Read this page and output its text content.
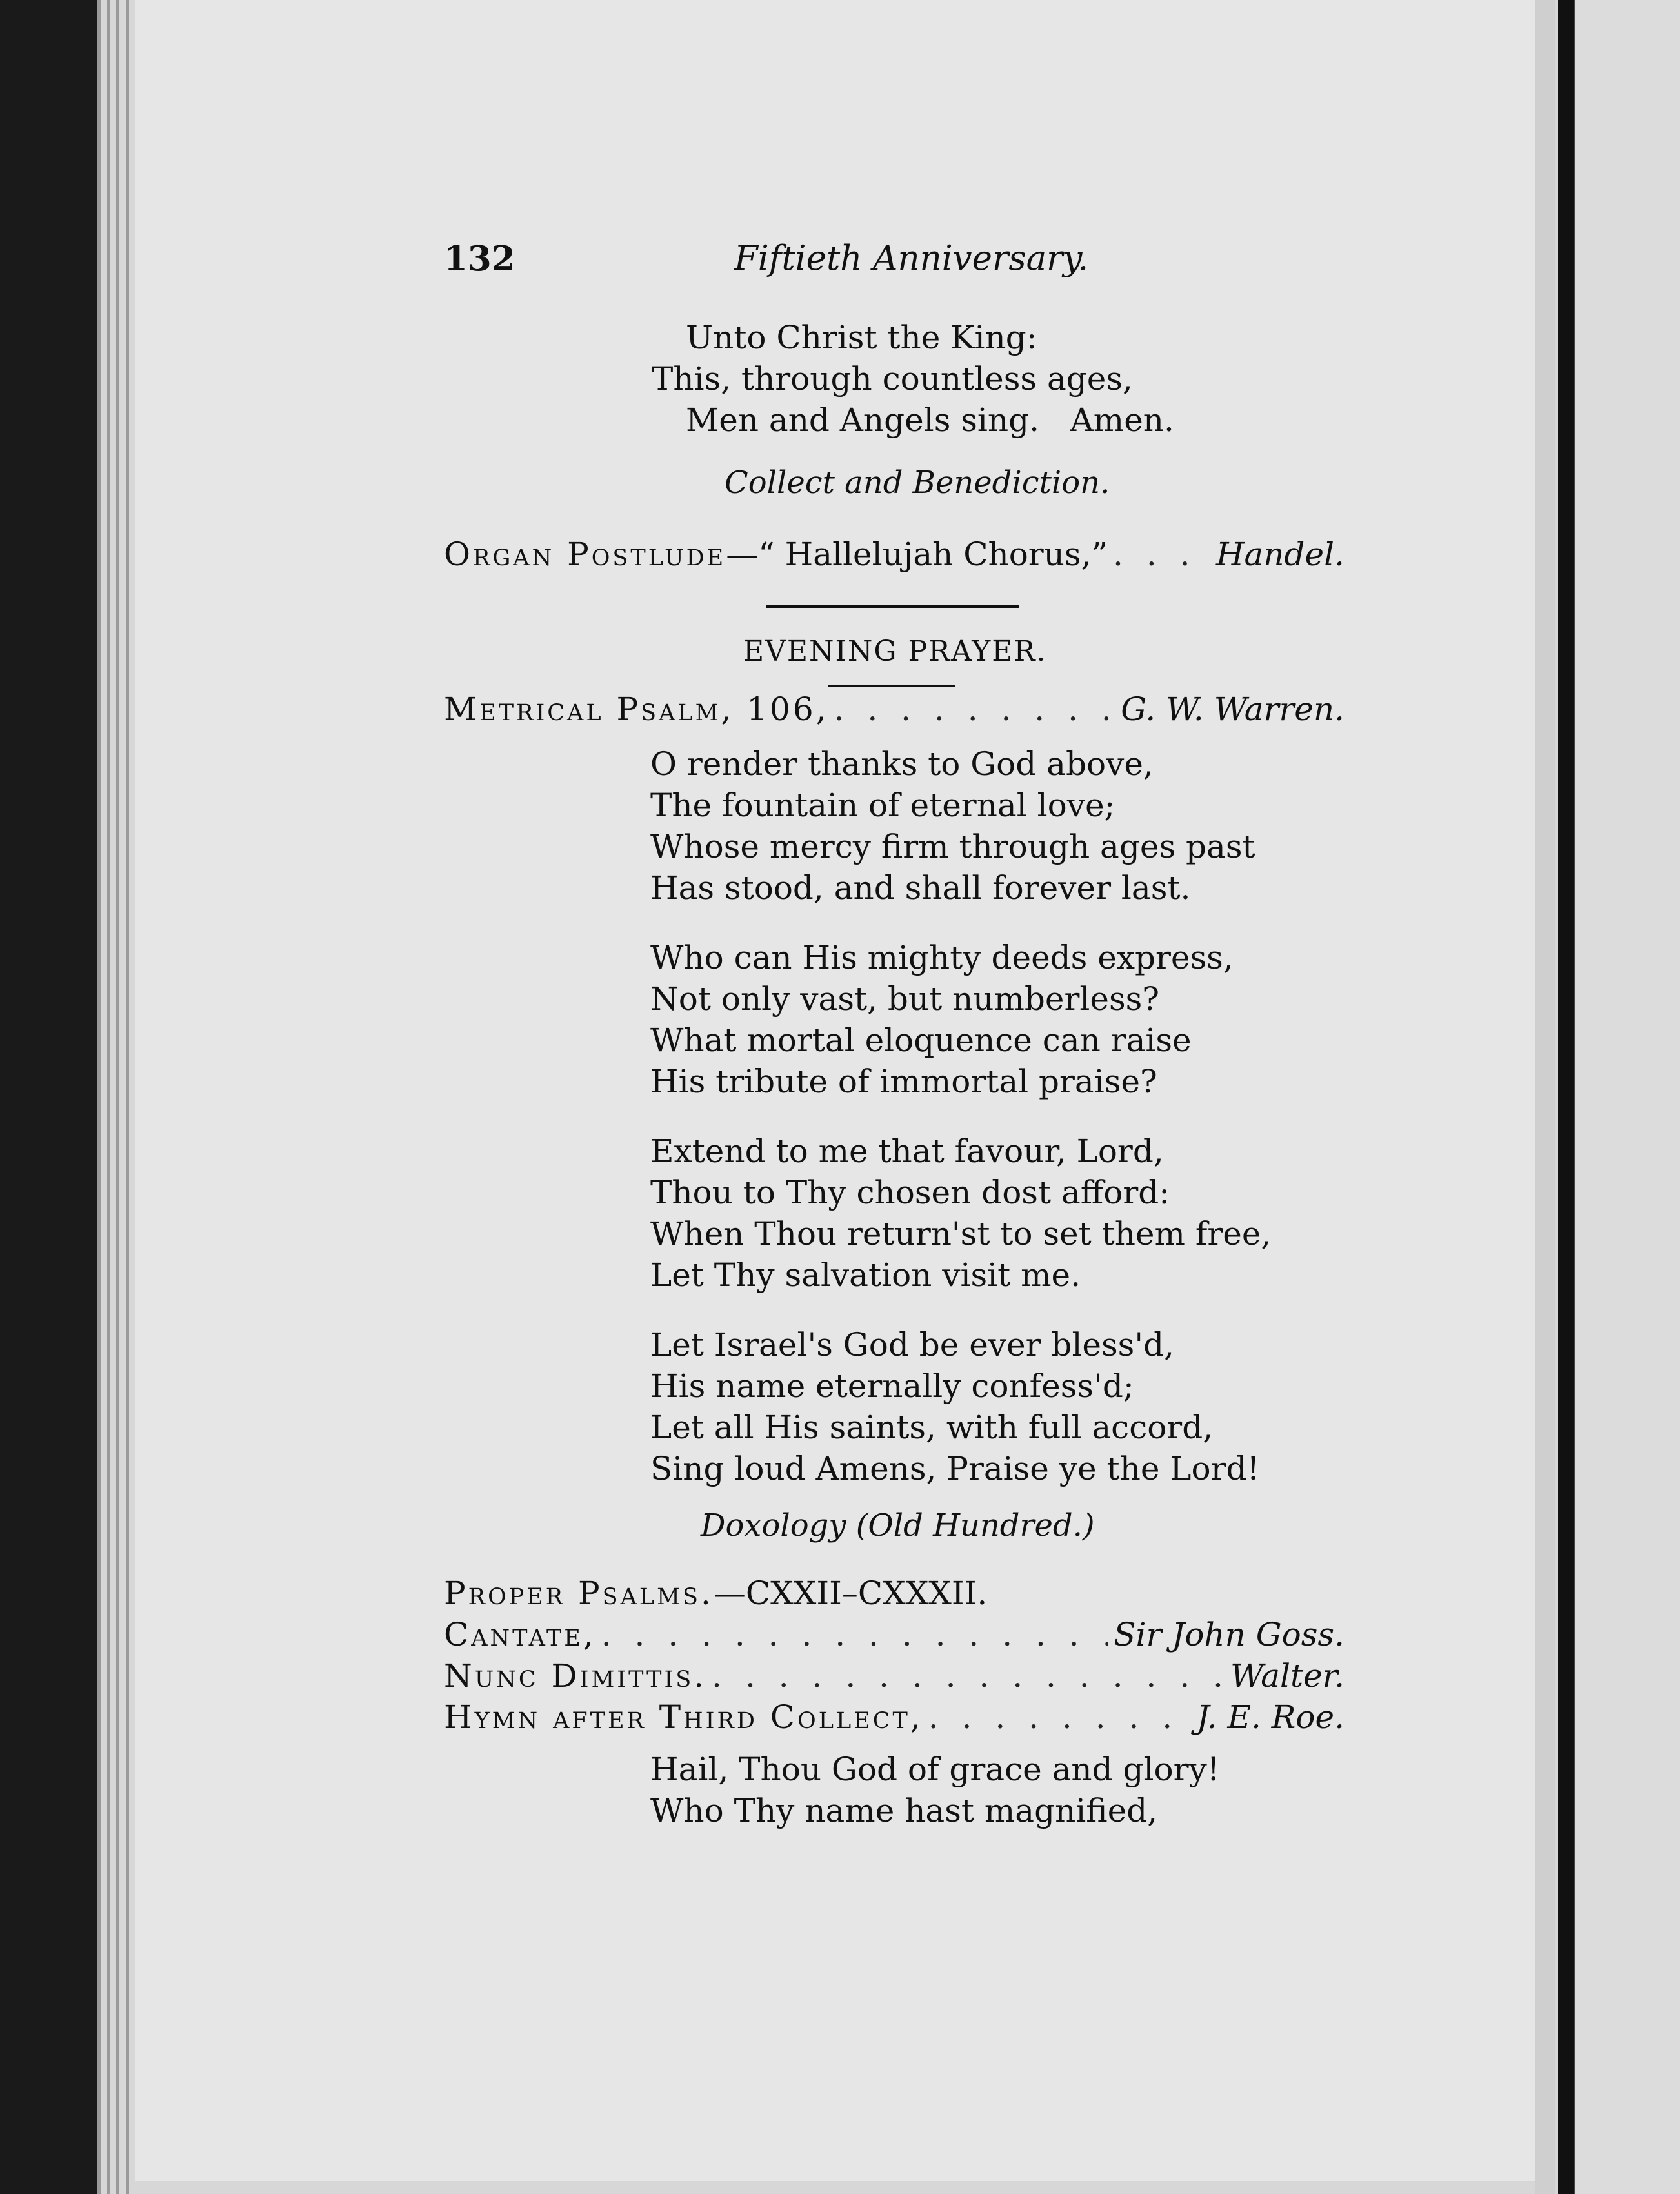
132	Fiftieth Anniversary.
Unto Christ the King:
This, through countless ages,
Men and Angels sing.   Amen.
Collect and Benediction.
Organ Postlude —“ Hallelujah Chorus,” . . .	Handel.
EVENING PRAYER.
Metrical Psalm, 106, . . .	G. W. Warren.
O render thanks to God above,
The fountain of eternal love;
Whose mercy firm through ages past
Has stood, and shall forever last.
Who can His mighty deeds express,
Not only vast, but numberless?
What mortal eloquence can raise
His tribute of immortal praise?
Extend to me that favour, Lord,
Thou to Thy chosen dost afford:
When Thou return'st to set them free,
Let Thy salvation visit me.
Let Israel's God be ever bless'd,
His name eternally confess'd;
Let all His saints, with full accord,
Sing loud Amens, Praise ye the Lord!
Doxology (Old Hundred.)
Proper Psalms.—CXXII–CXXXII.
Cantate, . . .	Sir John Goss.
Nunc Dimittis. . . .	Walter.
Hymn after Third Collect, . . .	J. E. Roe.
Hail, Thou God of grace and glory!
Who Thy name hast magnified,
